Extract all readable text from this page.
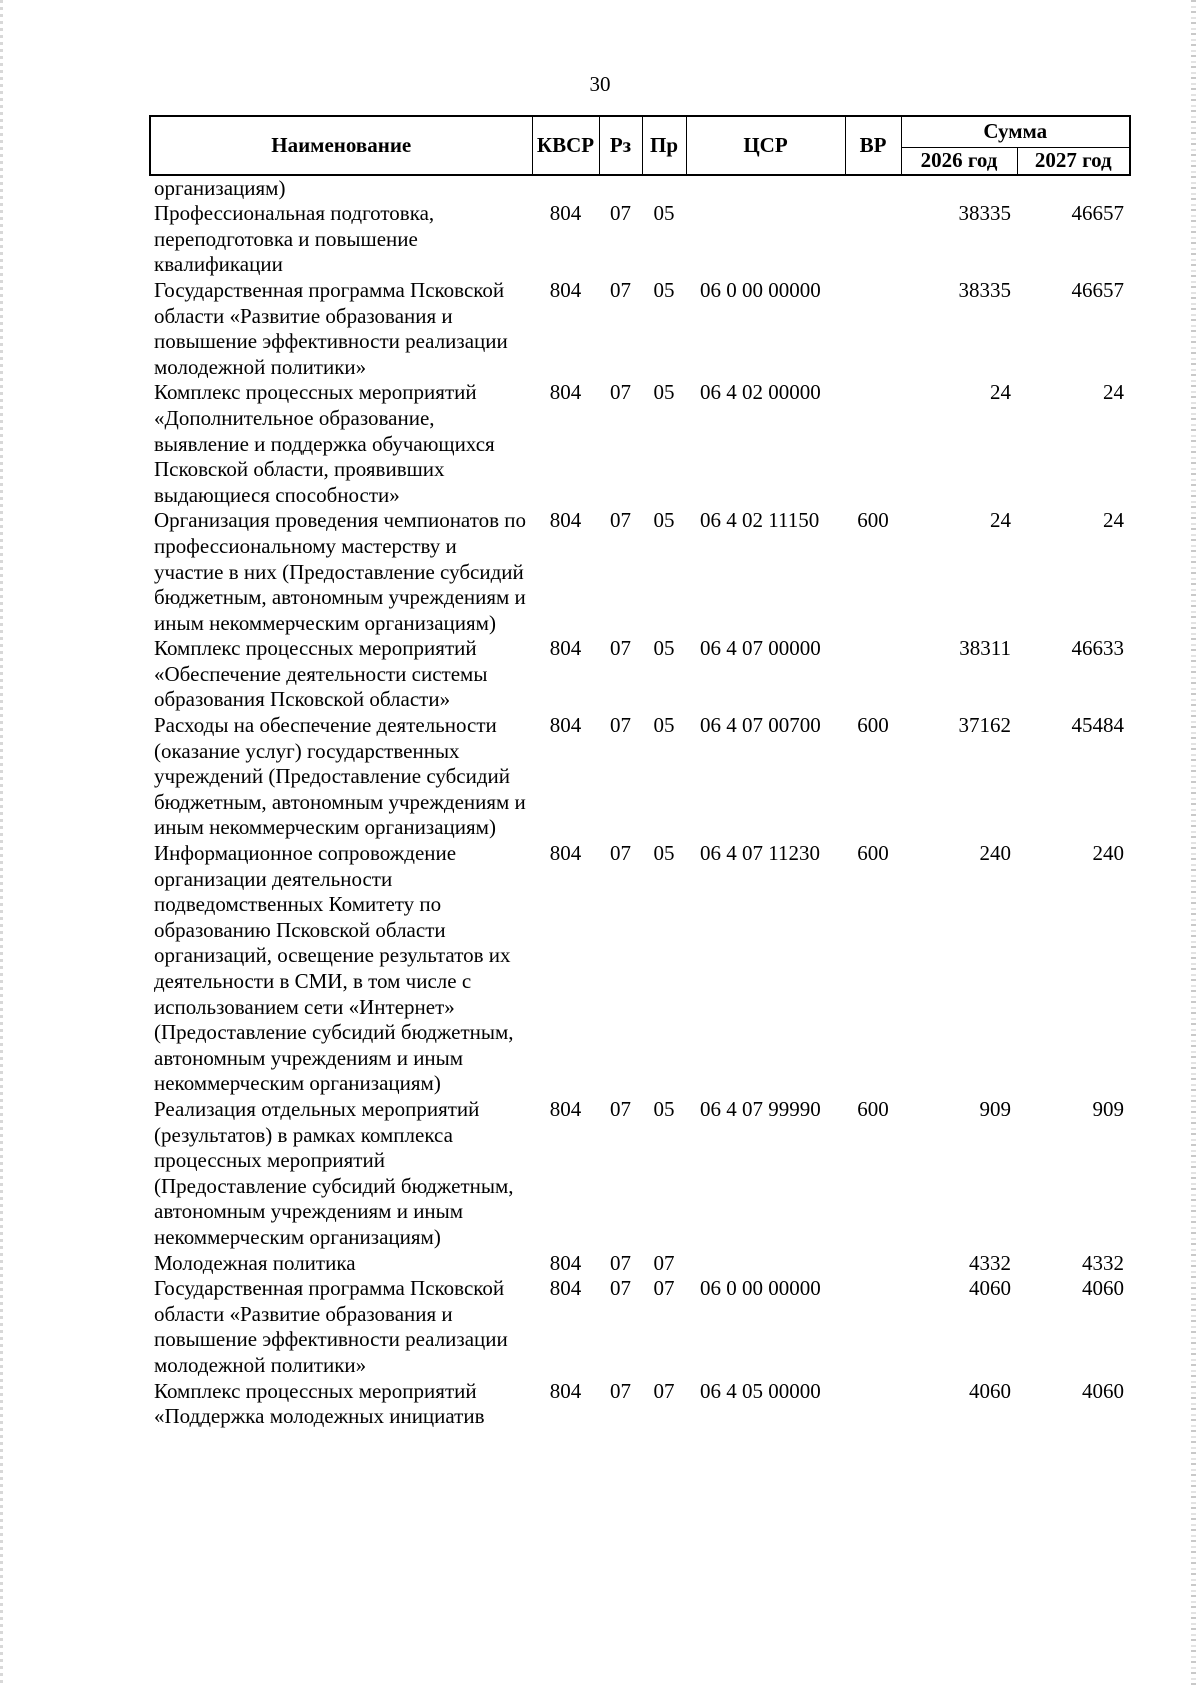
30
Наименование	КВСР	Рз	Пр	ЦСР	ВР	Сумма	
						2026 год	2027 год
организациям)							
Профессиональная подготовка, переподготовка и повышение квалификации	804	07	05			38335	46657
Государственная программа Псковской области «Развитие образования и повышение эффективности реализации молодежной политики»	804	07	05	06 0 00 00000		38335	46657
Комплекс процессных мероприятий «Дополнительное образование, выявление и поддержка обучающихся Псковской области, проявивших выдающиеся способности»	804	07	05	06 4 02 00000		24	24
Организация проведения чемпионатов по профессиональному мастерству и участие в них (Предоставление субсидий бюджетным, автономным учреждениям и иным некоммерческим организациям)	804	07	05	06 4 02 11150	600	24	24
Комплекс процессных мероприятий «Обеспечение деятельности системы образования Псковской области»	804	07	05	06 4 07 00000		38311	46633
Расходы на обеспечение деятельности (оказание услуг) государственных учреждений (Предоставление субсидий бюджетным, автономным учреждениям и иным некоммерческим организациям)	804	07	05	06 4 07 00700	600	37162	45484
Информационное сопровождение организации деятельности подведомственных Комитету по образованию Псковской области организаций, освещение результатов их деятельности в СМИ, в том числе с использованием сети «Интернет» (Предоставление субсидий бюджетным, автономным учреждениям и иным некоммерческим организациям)	804	07	05	06 4 07 11230	600	240	240
Реализация отдельных мероприятий (результатов) в рамках комплекса процессных мероприятий (Предоставление субсидий бюджетным, автономным учреждениям и иным некоммерческим организациям)	804	07	05	06 4 07 99990	600	909	909
Молодежная политика	804	07	07			4332	4332
Государственная программа Псковской области «Развитие образования и повышение эффективности реализации молодежной политики»	804	07	07	06 0 00 00000		4060	4060
Комплекс процессных мероприятий «Поддержка молодежных инициатив	804	07	07	06 4 05 00000		4060	4060
